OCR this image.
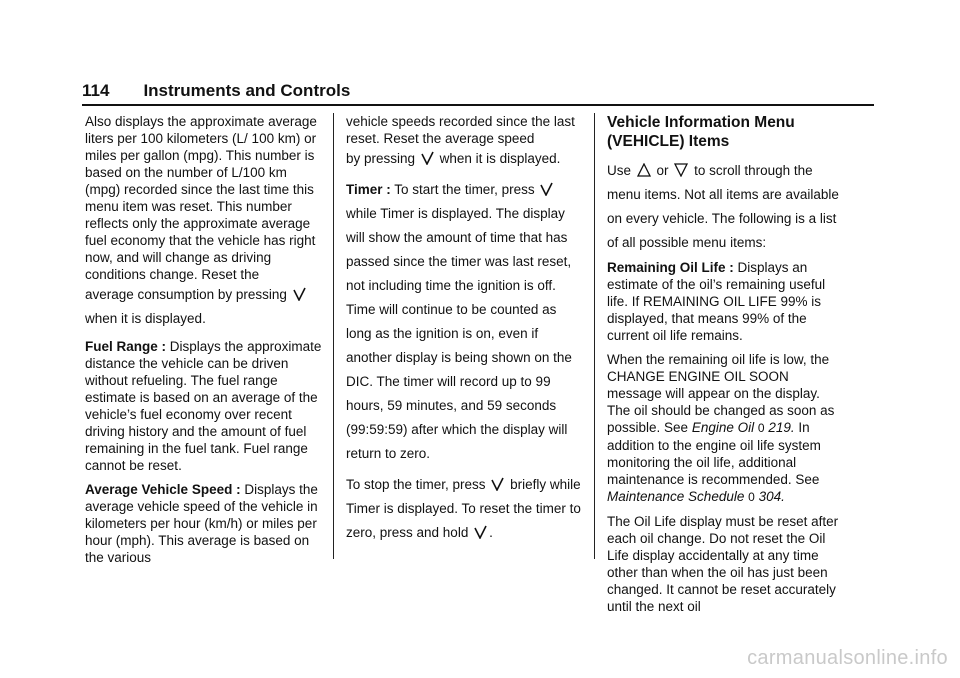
114 Instruments and Controls

Also displays the approximate average liters per 100 kilometers (L/ 100 km) or miles per gallon (mpg). This number is based on the number of L/100 km (mpg) recorded since the last time this menu item was reset. This number reflects only the approximate average fuel economy that the vehicle has right now, and will change as driving conditions change. Reset the

average consumption by pressing  when it is displayed.

Fuel Range : Displays the approximate distance the vehicle can be driven without refueling. The fuel range estimate is based on an average of the vehicle’s fuel economy over recent driving history and the amount of fuel remaining in the fuel tank. Fuel range cannot be reset.

Average Vehicle Speed : Displays the average vehicle speed of the vehicle in kilometers per hour (km/h) or miles per hour (mph). This average is based on the various

vehicle speeds recorded since the last reset. Reset the average speed

by pressing when it is displayed.

Timer : To start the timer, press  while Timer is displayed. The display will show the amount of time that has passed since the timer was last reset, not including time the ignition is off. Time will continue to be counted as long as the ignition is on, even if another display is being shown on the DIC. The timer will record up to 99 hours, 59 minutes, and 59 seconds (99:59:59) after which the display will return to zero.

To stop the timer, press briefly while Timer is displayed. To reset the timer to zero, press and hold .

Vehicle Information Menu (VEHICLE) Items

Use or to scroll through the menu items. Not all items are available on every vehicle. The following is a list of all possible menu items:

Remaining Oil Life : Displays an estimate of the oil’s remaining useful life. If REMAINING OIL LIFE 99% is displayed, that means 99% of the current oil life remains.

When the remaining oil life is low, the CHANGE ENGINE OIL SOON message will appear on the display. The oil should be changed as soon as possible. See Engine Oil 0 219. In addition to the engine oil life system monitoring the oil life, additional maintenance is recommended. See Maintenance Schedule 0 304.

The Oil Life display must be reset after each oil change. Do not reset the Oil Life display accidentally at any time other than when the oil has just been changed. It cannot be reset accurately until the next oil

carmanualsonline.info
